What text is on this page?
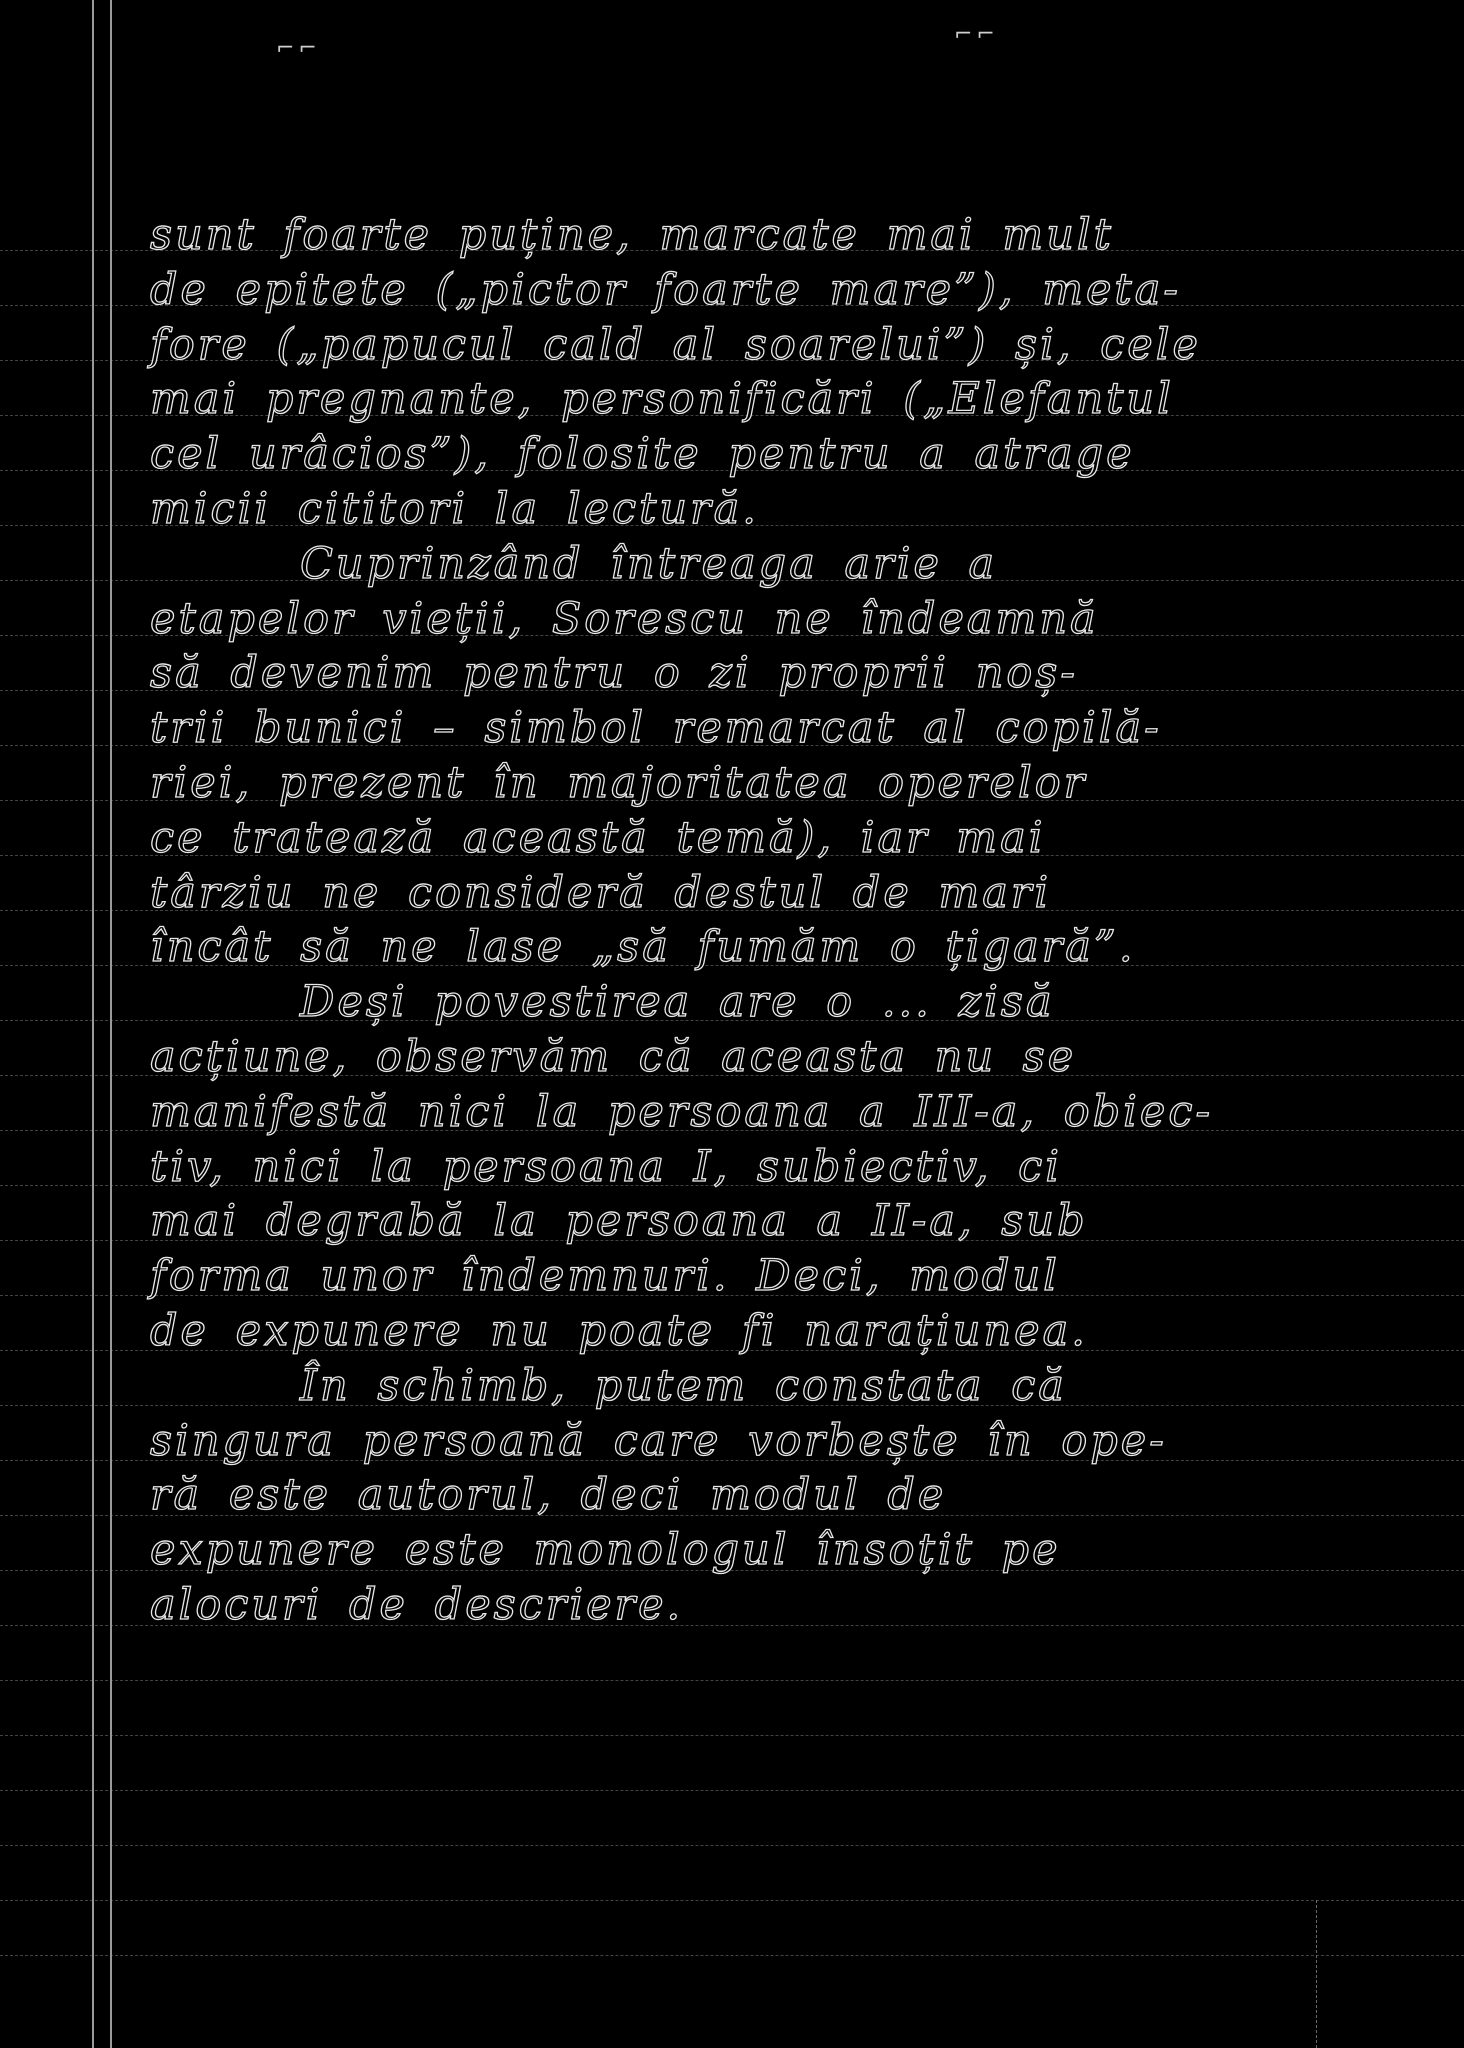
⌐⌐
⌐⌐
sunt foarte puține, marcate mai mult
de epitete („pictor foarte mare”), meta-
fore („papucul cald al soarelui”) și, cele
mai pregnante, personificări („Elefantul
cel urâcios”), folosite pentru a atrage
micii cititori la lectură.
Cuprinzând întreaga arie a
etapelor vieții, Sorescu ne îndeamnă
să devenim pentru o zi proprii noș-
trii bunici – simbol remarcat al copilă-
riei, prezent în majoritatea operelor
ce tratează această temă), iar mai
târziu ne consideră destul de mari
încât să ne lase „să fumăm o țigară”.
Deși povestirea are o ... zisă
acțiune, observăm că aceasta nu se
manifestă nici la persoana a III-a, obiec-
tiv, nici la persoana I, subiectiv, ci
mai degrabă la persoana a II-a, sub
forma unor îndemnuri. Deci, modul
de expunere nu poate fi narațiunea.
În schimb, putem constata că
singura persoană care vorbește în ope-
ră este autorul, deci modul de
expunere este monologul însoțit pe
alocuri de descriere.
